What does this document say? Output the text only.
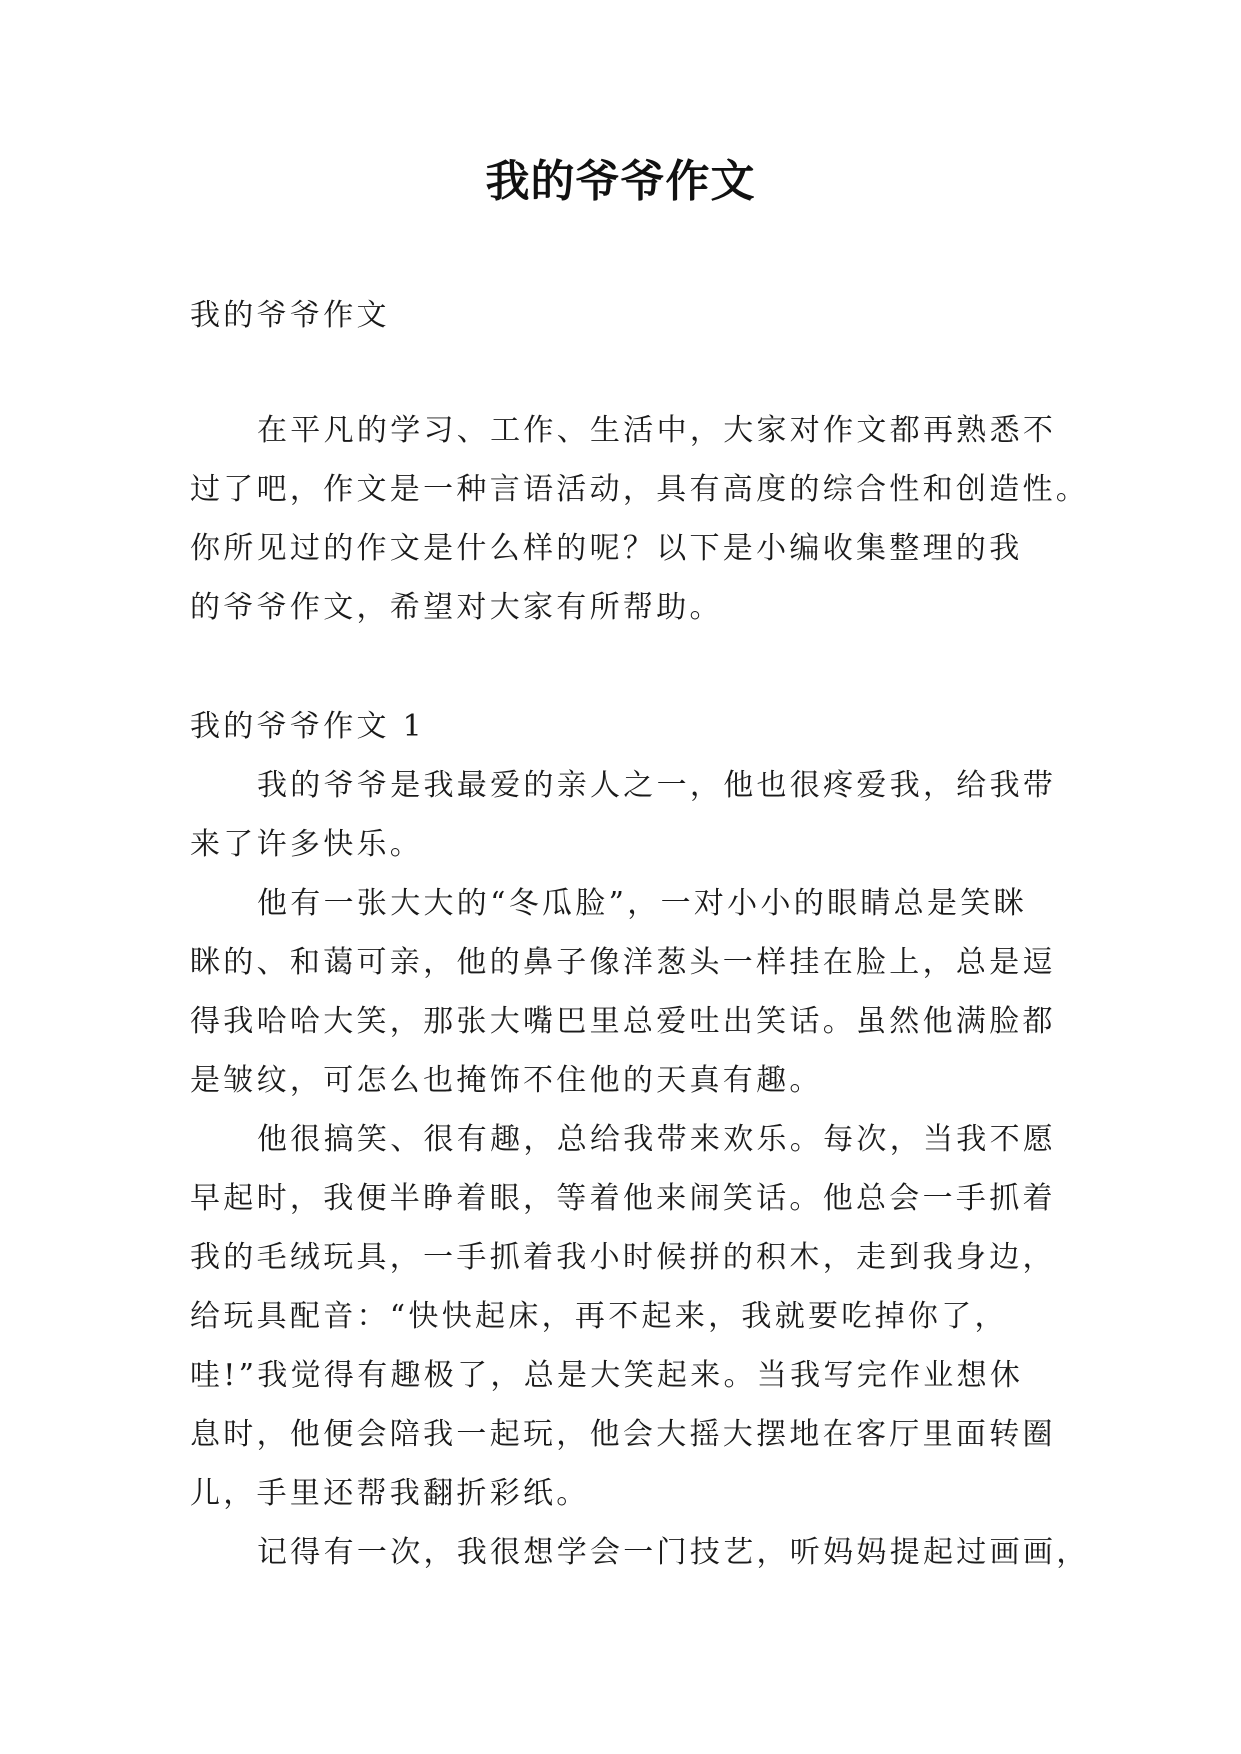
我的爷爷作文
我的爷爷作文
在平凡的学习、工作、生活中，大家对作文都再熟悉不
过了吧，作文是一种言语活动，具有高度的综合性和创造性。
你所见过的作文是什么样的呢？以下是小编收集整理的我
的爷爷作文，希望对大家有所帮助。
我的爷爷作文 1
我的爷爷是我最爱的亲人之一，他也很疼爱我，给我带
来了许多快乐。
他有一张大大的“冬瓜脸”，一对小小的眼睛总是笑眯
眯的、和蔼可亲，他的鼻子像洋葱头一样挂在脸上，总是逗
得我哈哈大笑，那张大嘴巴里总爱吐出笑话。虽然他满脸都
是皱纹，可怎么也掩饰不住他的天真有趣。
他很搞笑、很有趣，总给我带来欢乐。每次，当我不愿
早起时，我便半睁着眼，等着他来闹笑话。他总会一手抓着
我的毛绒玩具，一手抓着我小时候拼的积木，走到我身边，
给玩具配音：“快快起床，再不起来，我就要吃掉你了，
哇!”我觉得有趣极了，总是大笑起来。当我写完作业想休
息时，他便会陪我一起玩，他会大摇大摆地在客厅里面转圈
儿，手里还帮我翻折彩纸。
记得有一次，我很想学会一门技艺，听妈妈提起过画画，
